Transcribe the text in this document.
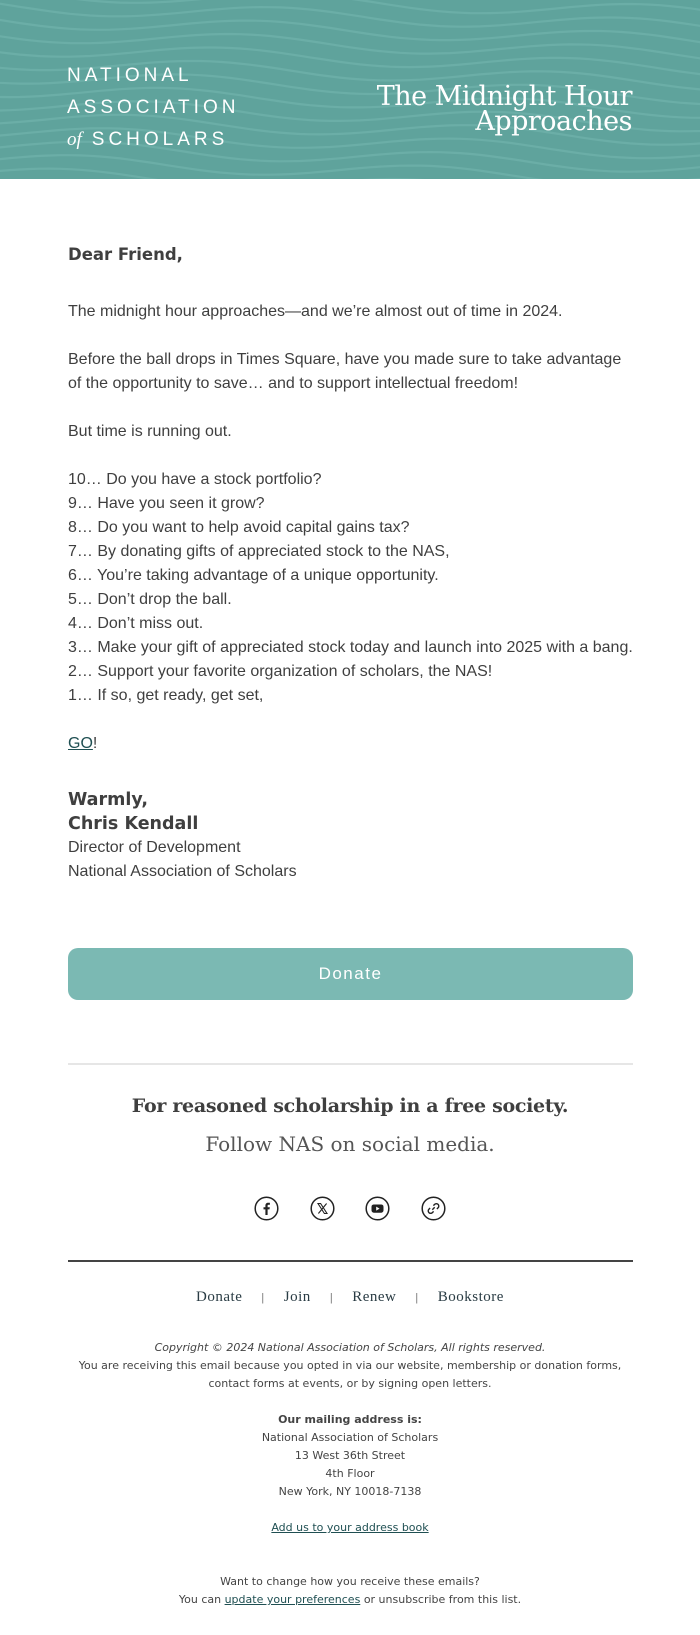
NATIONAL
ASSOCIATION
of SCHOLARS
The Midnight Hour Approaches
Dear Friend,
The midnight hour approaches—and we’re almost out of time in 2024.
Before the ball drops in Times Square, have you made sure to take advantage of the opportunity to save… and to support intellectual freedom!
But time is running out.
10… Do you have a stock portfolio?
9… Have you seen it grow?
8… Do you want to help avoid capital gains tax?
7… By donating gifts of appreciated stock to the NAS,
6… You’re taking advantage of a unique opportunity.
5… Don’t drop the ball.
4… Don’t miss out.
3… Make your gift of appreciated stock today and launch into 2025 with a bang.
2… Support your favorite organization of scholars, the NAS!
1… If so, get ready, get set,
GO!
Warmly,
Chris Kendall
Director of Development
National Association of Scholars
Donate
For reasoned scholarship in a free society.
Follow NAS on social media.

Donate | Join | Renew | Bookstore
Copyright © 2024 National Association of Scholars, All rights reserved.
You are receiving this email because you opted in via our website, membership or donation forms, contact forms at events, or by signing open letters.
Our mailing address is:
National Association of Scholars
13 West 36th Street
4th Floor
New York, NY 10018-7138
Add us to your address book
Want to change how you receive these emails?
You can update your preferences or unsubscribe from this list.
